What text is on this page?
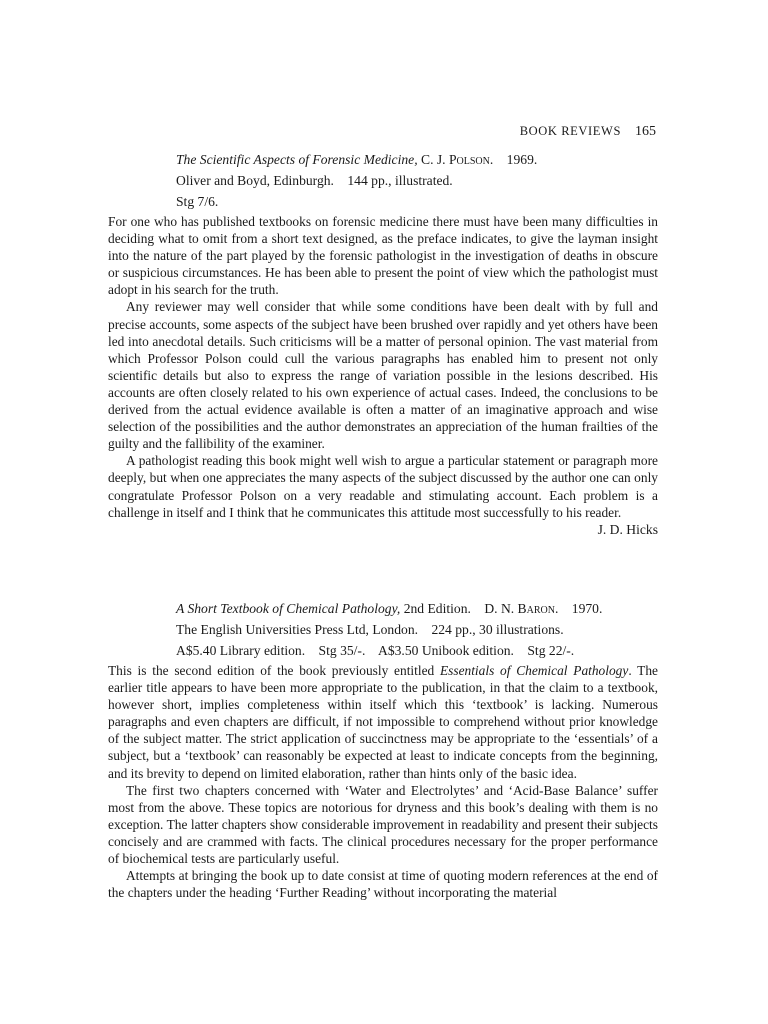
BOOK REVIEWS 165
The Scientific Aspects of Forensic Medicine, C. J. Polson. 1969.
Oliver and Boyd, Edinburgh. 144 pp., illustrated.
Stg 7/6.

For one who has published textbooks on forensic medicine there must have been many difficulties in deciding what to omit from a short text designed, as the preface indicates, to give the layman insight into the nature of the part played by the forensic pathologist in the investigation of deaths in obscure or suspicious circumstances. He has been able to present the point of view which the pathologist must adopt in his search for the truth.

Any reviewer may well consider that while some conditions have been dealt with by full and precise accounts, some aspects of the subject have been brushed over rapidly and yet others have been led into anecdotal details. Such criticisms will be a matter of personal opinion. The vast material from which Professor Polson could cull the various paragraphs has enabled him to present not only scientific details but also to express the range of variation possible in the lesions described. His accounts are often closely related to his own experience of actual cases. Indeed, the conclusions to be derived from the actual evidence available is often a matter of an imaginative approach and wise selection of the possibilities and the author demonstrates an appreciation of the human frailties of the guilty and the fallibility of the examiner.

A pathologist reading this book might well wish to argue a particular statement or paragraph more deeply, but when one appreciates the many aspects of the subject discussed by the author one can only congratulate Professor Polson on a very readable and stimulating account. Each problem is a challenge in itself and I think that he communicates this attitude most successfully to his reader.

J. D. Hicks
A Short Textbook of Chemical Pathology, 2nd Edition. D. N. Baron. 1970.
The English Universities Press Ltd, London. 224 pp., 30 illustrations.
A$5.40 Library edition. Stg 35/-. A$3.50 Unibook edition. Stg 22/-.

This is the second edition of the book previously entitled Essentials of Chemical Pathology. The earlier title appears to have been more appropriate to the publication, in that the claim to a textbook, however short, implies completeness within itself which this ‘textbook’ is lacking. Numerous paragraphs and even chapters are difficult, if not impossible to comprehend without prior knowledge of the subject matter. The strict application of succinctness may be appropriate to the ‘essentials’ of a subject, but a ‘textbook’ can reasonably be expected at least to indicate concepts from the beginning, and its brevity to depend on limited elaboration, rather than hints only of the basic idea.

The first two chapters concerned with ‘Water and Electrolytes’ and ‘Acid-Base Balance’ suffer most from the above. These topics are notorious for dryness and this book’s dealing with them is no exception. The latter chapters show considerable improvement in readability and present their subjects concisely and are crammed with facts. The clinical procedures necessary for the proper performance of biochemical tests are particularly useful.

Attempts at bringing the book up to date consist at time of quoting modern references at the end of the chapters under the heading ‘Further Reading’ without incorporating the material
